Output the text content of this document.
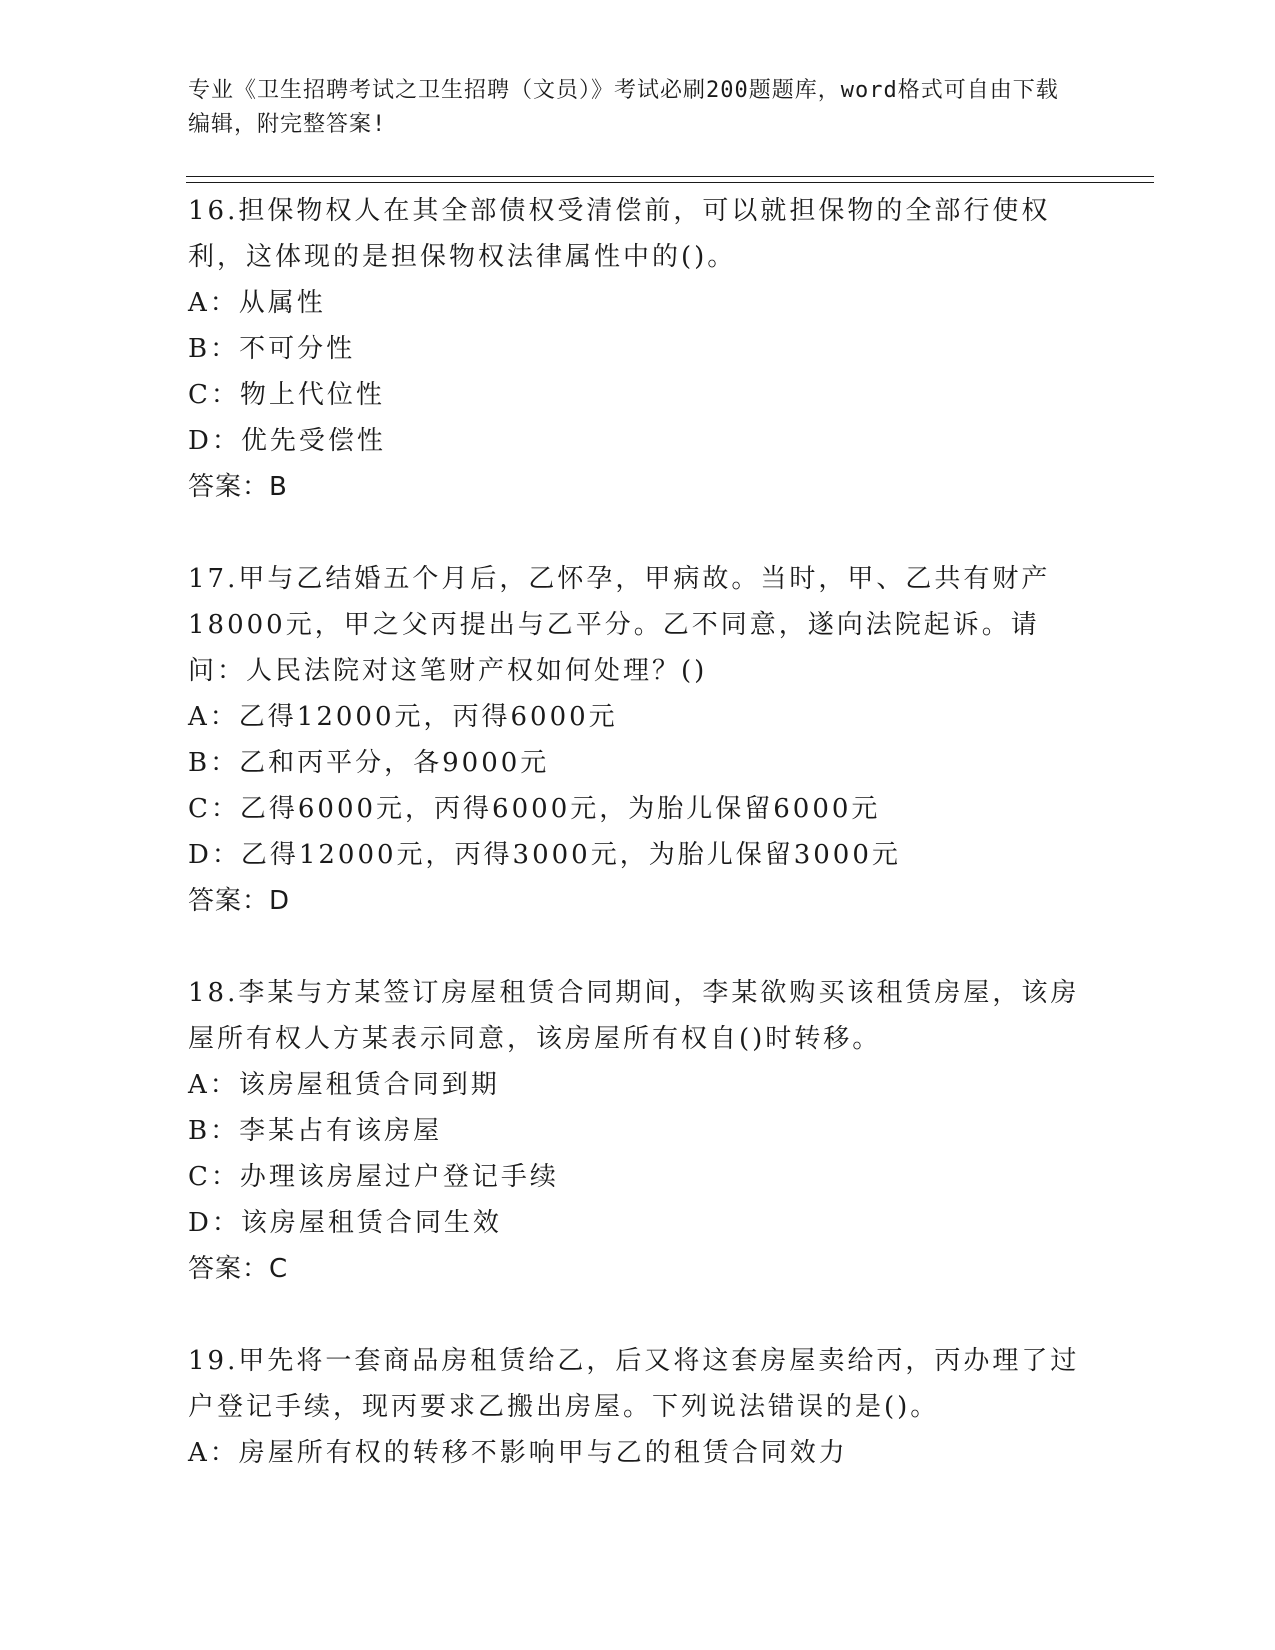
专业《卫生招聘考试之卫生招聘（文员）》考试必刷200题题库，word格式可自由下载编辑，附完整答案!
16.担保物权人在其全部债权受清偿前，可以就担保物的全部行使权利，这体现的是担保物权法律属性中的()。
A：从属性
B：不可分性
C：物上代位性
D：优先受偿性
答案：B
17.甲与乙结婚五个月后，乙怀孕，甲病故。当时，甲、乙共有财产18000元，甲之父丙提出与乙平分。乙不同意，遂向法院起诉。请问：人民法院对这笔财产权如何处理？()
A：乙得12000元，丙得6000元
B：乙和丙平分，各9000元
C：乙得6000元，丙得6000元，为胎儿保留6000元
D：乙得12000元，丙得3000元，为胎儿保留3000元
答案：D
18.李某与方某签订房屋租赁合同期间，李某欲购买该租赁房屋，该房屋所有权人方某表示同意，该房屋所有权自()时转移。
A：该房屋租赁合同到期
B：李某占有该房屋
C：办理该房屋过户登记手续
D：该房屋租赁合同生效
答案：C
19.甲先将一套商品房租赁给乙，后又将这套房屋卖给丙，丙办理了过户登记手续，现丙要求乙搬出房屋。下列说法错误的是()。
A：房屋所有权的转移不影响甲与乙的租赁合同效力
